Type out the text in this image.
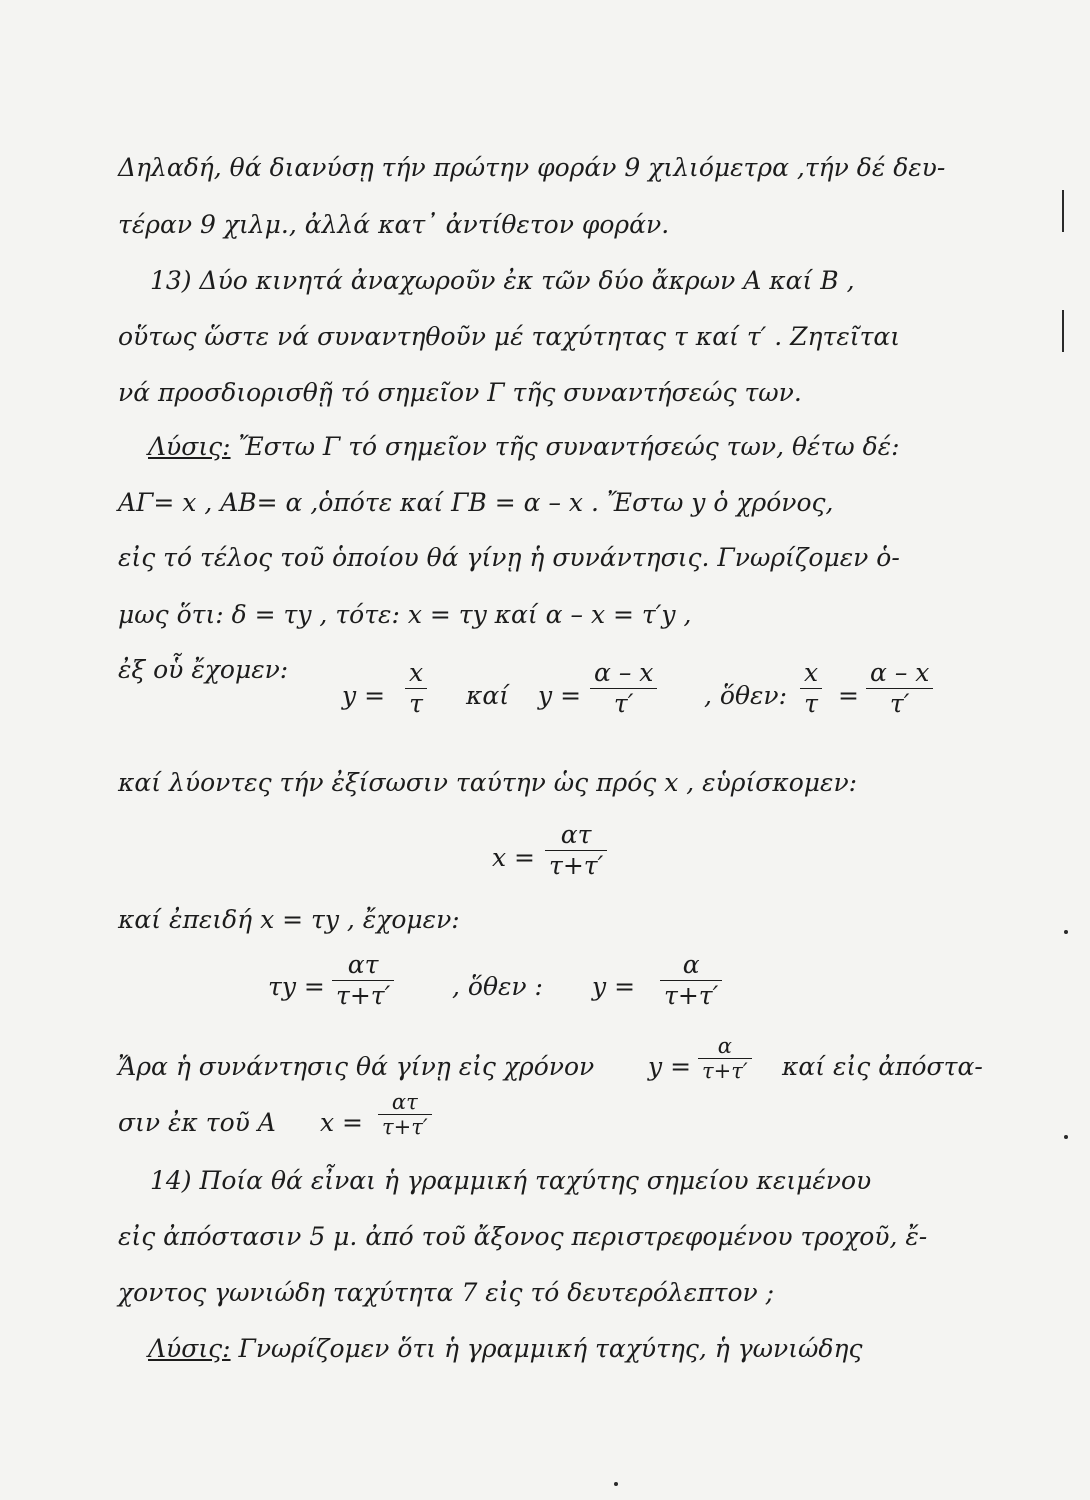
Δηλαδή, θά διανύσῃ τήν πρώτην φοράν 9 χιλιόμετρα ,τήν δέ δευ-
τέραν 9 χιλμ., ἀλλά κατ᾽ ἀντίθετον φοράν.
13) Δύο κινητά ἀναχωροῦν ἐκ τῶν δύο ἄκρων A καί B ,
οὕτως ὥστε νά συναντηθοῦν μέ ταχύτητας τ καί τ′ . Ζητεῖται
νά προσδιορισθῇ τό σημεῖον Γ τῆς συναντήσεώς των.
Λύσις: Ἔστω Γ τό σημεῖον τῆς συναντήσεώς των, θέτω δέ:
ΑΓ= x , ΑΒ= α ,ὁπότε καί ΓΒ = α – x . Ἔστω y ὁ χρόνος,
εἰς τό τέλος τοῦ ὁποίου θά γίνῃ ἡ συνάντησις. Γνωρίζομεν ὁ-
μως ὅτι: δ = τy , τότε: x = τy καί α – x = τ′y ,
ἐξ οὗ ἔχομεν:
y =
x
τ καί y =
α – x
τ′	, ὅθεν:
x
τ =
α – x
τ′
καί λύοντες τήν ἐξίσωσιν ταύτην ὡς πρός x , εὑρίσκομεν:
x =
ατ
τ+τ′
καί ἐπειδή x = τy , ἔχομεν:
τy =
ατ
τ+τ′ , ὅθεν : y =
α
τ+τ′
Ἄρα ἡ συνάντησις θά γίνῃ εἰς χρόνον y =
α
τ+τ′ καί εἰς ἀπόστα-
σιν ἐκ τοῦ A x =
ατ
τ+τ′
14) Ποία θά εἶναι ἡ γραμμική ταχύτης σημείου κειμένου
εἰς ἀπόστασιν 5 μ. ἀπό τοῦ ἄξονος περιστρεφομένου τροχοῦ, ἔ-
χοντος γωνιώδη ταχύτητα 7 εἰς τό δευτερόλεπτον ;
Λύσις: Γνωρίζομεν ὅτι ἡ γραμμική ταχύτης, ἡ γωνιώδης
